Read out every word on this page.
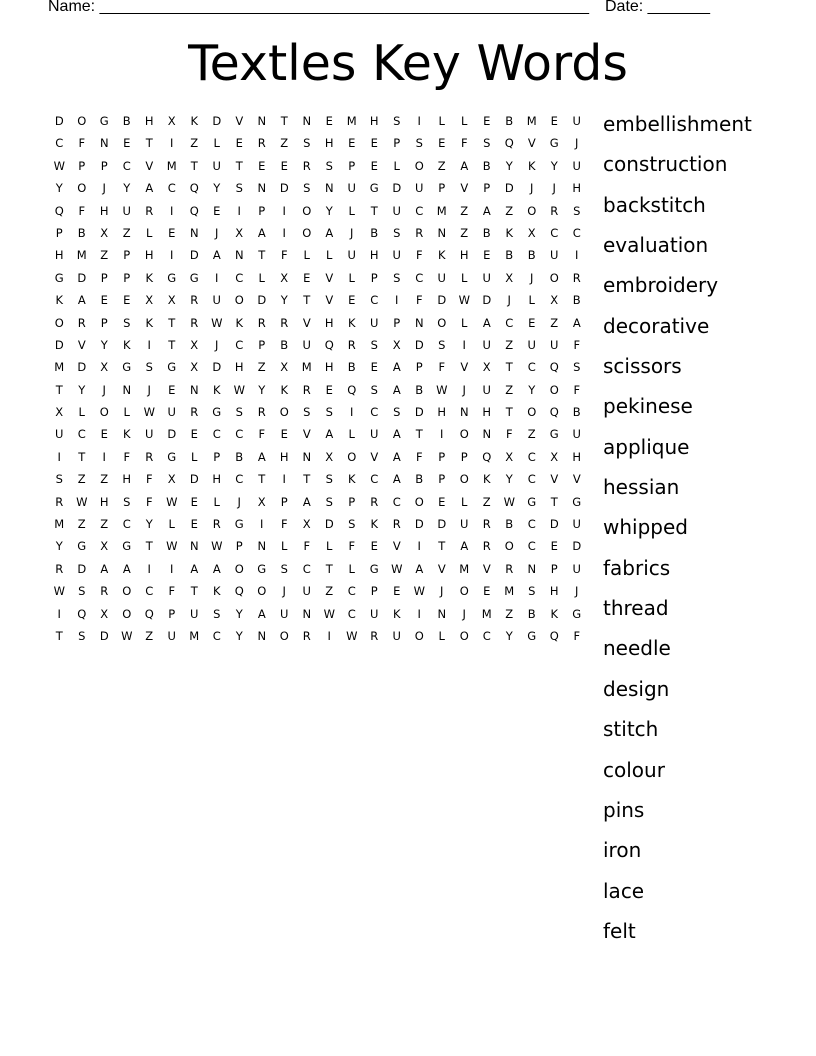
Name: _______________________________________________________ Date: _______
Textles Key Words
D	O	G	B	H	X	K	D	V	N	T	N	E	M	H	S	I	L	L	E	B	M	E	U
C	F	N	E	T	I	Z	L	E	R	Z	S	H	E	E	P	S	E	F	S	Q	V	G	J
W	P	P	C	V	M	T	U	T	E	E	R	S	P	E	L	O	Z	A	B	Y	K	Y	U
Y	O	J	Y	A	C	Q	Y	S	N	D	S	N	U	G	D	U	P	V	P	D	J	J	H
Q	F	H	U	R	I	Q	E	I	P	I	O	Y	L	T	U	C	M	Z	A	Z	O	R	S
P	B	X	Z	L	E	N	J	X	A	I	O	A	J	B	S	R	N	Z	B	K	X	C	C
H	M	Z	P	H	I	D	A	N	T	F	L	L	U	H	U	F	K	H	E	B	B	U	I
G	D	P	P	K	G	G	I	C	L	X	E	V	L	P	S	C	U	L	U	X	J	O	R
K	A	E	E	X	X	R	U	O	D	Y	T	V	E	C	I	F	D	W	D	J	L	X	B
O	R	P	S	K	T	R	W	K	R	R	V	H	K	U	P	N	O	L	A	C	E	Z	A
D	V	Y	K	I	T	X	J	C	P	B	U	Q	R	S	X	D	S	I	U	Z	U	U	F
M	D	X	G	S	G	X	D	H	Z	X	M	H	B	E	A	P	F	V	X	T	C	Q	S
T	Y	J	N	J	E	N	K	W	Y	K	R	E	Q	S	A	B	W	J	U	Z	Y	O	F
X	L	O	L	W	U	R	G	S	R	O	S	S	I	C	S	D	H	N	H	T	O	Q	B
U	C	E	K	U	D	E	C	C	F	E	V	A	L	U	A	T	I	O	N	F	Z	G	U
I	T	I	F	R	G	L	P	B	A	H	N	X	O	V	A	F	P	P	Q	X	C	X	H
S	Z	Z	H	F	X	D	H	C	T	I	T	S	K	C	A	B	P	O	K	Y	C	V	V
R	W	H	S	F	W	E	L	J	X	P	A	S	P	R	C	O	E	L	Z	W	G	T	G
M	Z	Z	C	Y	L	E	R	G	I	F	X	D	S	K	R	D	D	U	R	B	C	D	U
Y	G	X	G	T	W	N	W	P	N	L	F	L	F	E	V	I	T	A	R	O	C	E	D
R	D	A	A	I	I	A	A	O	G	S	C	T	L	G	W	A	V	M	V	R	N	P	U
W	S	R	O	C	F	T	K	Q	O	J	U	Z	C	P	E	W	J	O	E	M	S	H	J
I	Q	X	O	Q	P	U	S	Y	A	U	N	W	C	U	K	I	N	J	M	Z	B	K	G
T	S	D	W	Z	U	M	C	Y	N	O	R	I	W	R	U	O	L	O	C	Y	G	Q	F
embellishment
construction
backstitch
evaluation
embroidery
decorative
scissors
pekinese
applique
hessian
whipped
fabrics
thread
needle
design
stitch
colour
pins
iron
lace
felt
